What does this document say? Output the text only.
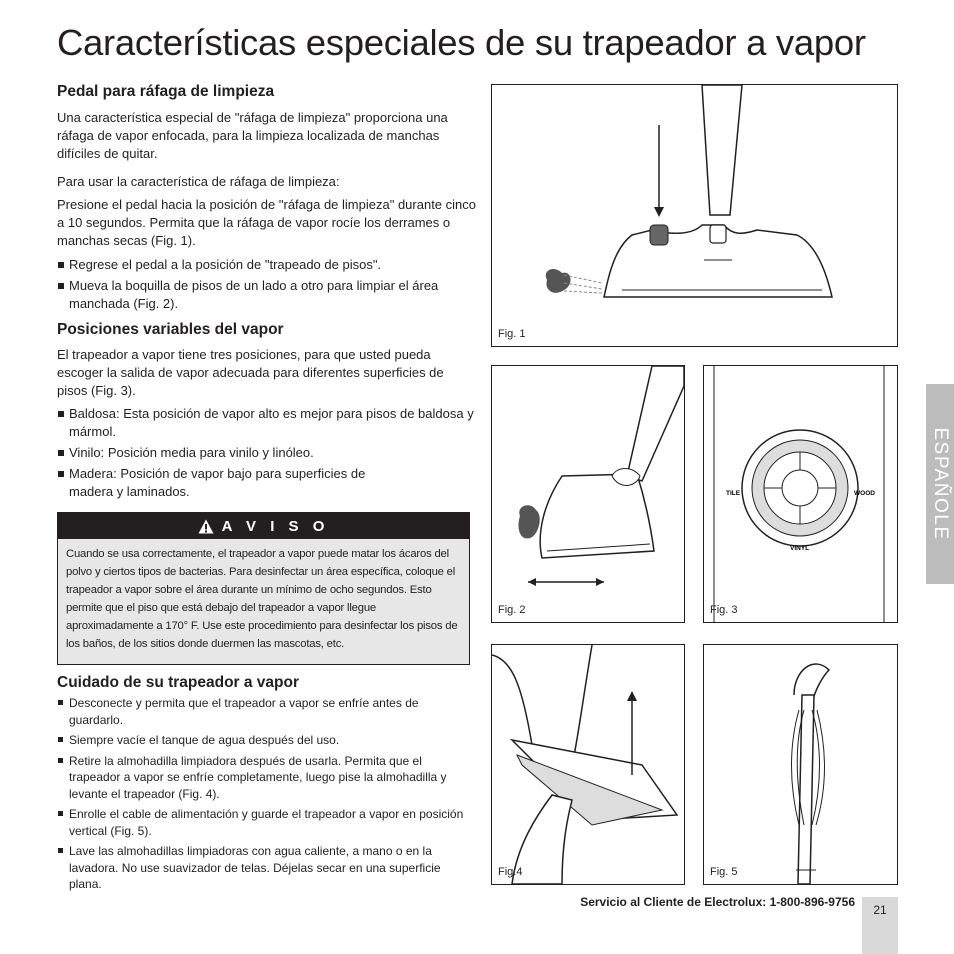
Características especiales de su trapeador a vapor
Pedal para ráfaga de limpieza
Una característica especial de "ráfaga de limpieza" proporciona una ráfaga de vapor enfocada, para la limpieza localizada de manchas difíciles de quitar.
Para usar la característica de ráfaga de limpieza:
Presione el pedal hacia la posición de "ráfaga de limpieza" durante cinco a 10 segundos. Permita que la ráfaga de vapor rocíe los derrames o manchas secas (Fig. 1).
Regrese el pedal a la posición de "trapeado de pisos".
Mueva la boquilla de pisos de un lado a otro para limpiar el área manchada (Fig. 2).
Posiciones variables del vapor
El trapeador a vapor tiene tres posiciones, para que usted pueda escoger la salida de vapor adecuada para diferentes superficies de pisos (Fig. 3).
Baldosa: Esta posición de vapor alto es mejor para pisos de baldosa y mármol.
Vinilo: Posición media para vinilo y linóleo.
Madera: Posición de vapor bajo para superficies de madera y laminados.
A V I S O
Cuando se usa correctamente, el trapeador a vapor puede matar los ácaros del polvo y ciertos tipos de bacterias. Para desinfectar un área específica, coloque el trapeador a vapor sobre el área durante un mínimo de ocho segundos. Esto permite que el piso que está debajo del trapeador a vapor llegue aproximadamente a 170° F. Use este procedimiento para desinfectar los pisos de los baños, de los sitios donde duermen las mascotas, etc.
Cuidado de su trapeador a vapor
Desconecte y permita que el trapeador a vapor se enfríe antes de guardarlo.
Siempre vacíe el tanque de agua después del uso.
Retire la almohadilla limpiadora después de usarla. Permita que el trapeador a vapor se enfríe completamente, luego pise la almohadilla y levante el trapeador (Fig. 4).
Enrolle el cable de alimentación y guarde el trapeador a vapor en posición vertical (Fig. 5).
Lave las almohadillas limpiadoras con agua caliente, a mano o en la lavadora. No use suavizador de telas. Déjelas secar en una superficie plana.
Fig. 1
Fig. 2
TILE	WOOD
VINYL
Fig. 3
Fig.4	Fig. 5
ESPAÑOLE
Servicio al Cliente de Electrolux: 1-800-896-9756
21
